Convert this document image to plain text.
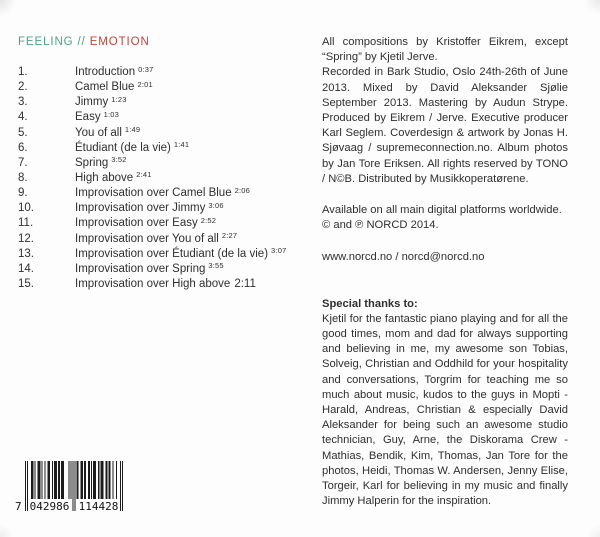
FEELING // EMOTION
1.	Introduction $^{0:37}$
2.	Camel Blue $^{2:01}$
3.	Jimmy $^{1:23}$
4.	Easy $^{1:03}$
5.	You of all $^{1:49}$
6.	Étudiant (de la vie) $^{1:41}$
7.	Spring $^{3:52}$
8.	High above $^{2:41}$
9.	Improvisation over Camel Blue $^{2:06}$
10.	Improvisation over Jimmy $^{3:06}$
11.	Improvisation over Easy $^{2:52}$
12.	Improvisation over You of all $^{2:27}$
13.	Improvisation over Étudiant (de la vie) $^{3:07}$
14.	Improvisation over Spring $^{3:55}$
15.	Improvisation over High above 2:11

All compositions by Kristoffer Eikrem, except “Spring” by Kjetil Jerve.

Recorded in Bark Studio, Oslo 24th-26th of June 2013. Mixed by David Aleksander Sjølie September 2013. Mastering by Audun Strype. Produced by Eikrem / Jerve. Executive producer Karl Seglem. Coverdesign & artwork by Jonas H. Sjøvaag / supremeconnection.no. Album photos by Jan Tore Eriksen. All rights reserved by TONO / N©B. Distributed by Musikkoperatørene.

Available on all main digital platforms worldwide.
© and ℗ NORCD 2014.
www.norcd.no / norcd@norcd.no
Special thanks to:

Kjetil for the fantastic piano playing and for all the good times, mom and dad for always supporting and believing in me, my awesome son Tobias, Solveig, Christian and Oddhild for your hospitality and conversations, Torgrim for teaching me so much about music, kudos to the guys in Mopti - Harald, Andreas, Christian & especially David Aleksander for being such an awesome studio technician, Guy, Arne, the Diskorama Crew - Mathias, Bendik, Kim, Thomas, Jan Tore for the photos, Heidi, Thomas W. Andersen, Jenny Elise, Torgeir, Karl for believing in my music and finally Jimmy Halperin for the inspiration.

7 042986 114428
